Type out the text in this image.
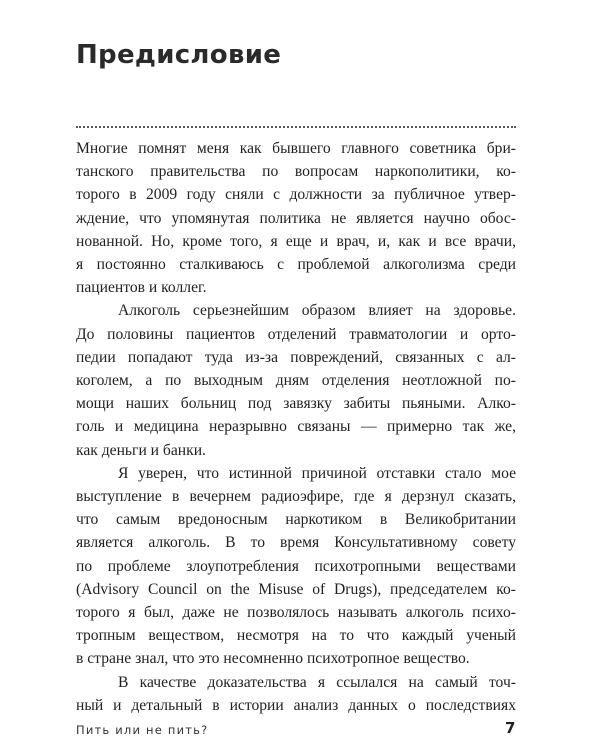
Предисловие
Многие помнят меня как бывшего главного советника бри-
танского правительства по вопросам наркополитики, ко-
торого в 2009 году сняли с должности за публичное утвер-
ждение, что упомянутая политика не является научно обос-
нованной. Но, кроме того, я еще и врач, и, как и все врачи,
я постоянно сталкиваюсь с проблемой алкоголизма среди
пациентов и коллег.
Алкоголь серьезнейшим образом влияет на здоровье.
До половины пациентов отделений травматологии и орто-
педии попадают туда из-за повреждений, связанных с ал-
коголем, а по выходным дням отделения неотложной по-
мощи наших больниц под завязку забиты пьяными. Алко-
голь и медицина неразрывно связаны — примерно так же,
как деньги и банки.
Я уверен, что истинной причиной отставки стало мое
выступление в вечернем радиоэфире, где я дерзнул сказать,
что самым вредоносным наркотиком в Великобритании
является алкоголь. В то время Консультативному совету
по проблеме злоупотребления психотропными веществами
(Advisory Council on the Misuse of Drugs), председателем ко-
торого я был, даже не позволялось называть алкоголь психо-
тропным веществом, несмотря на то что каждый ученый
в стране знал, что это несомненно психотропное вещество.
В качестве доказательства я ссылался на самый точ-
ный и детальный в истории анализ данных о последствиях
Пить или не пить?	7
